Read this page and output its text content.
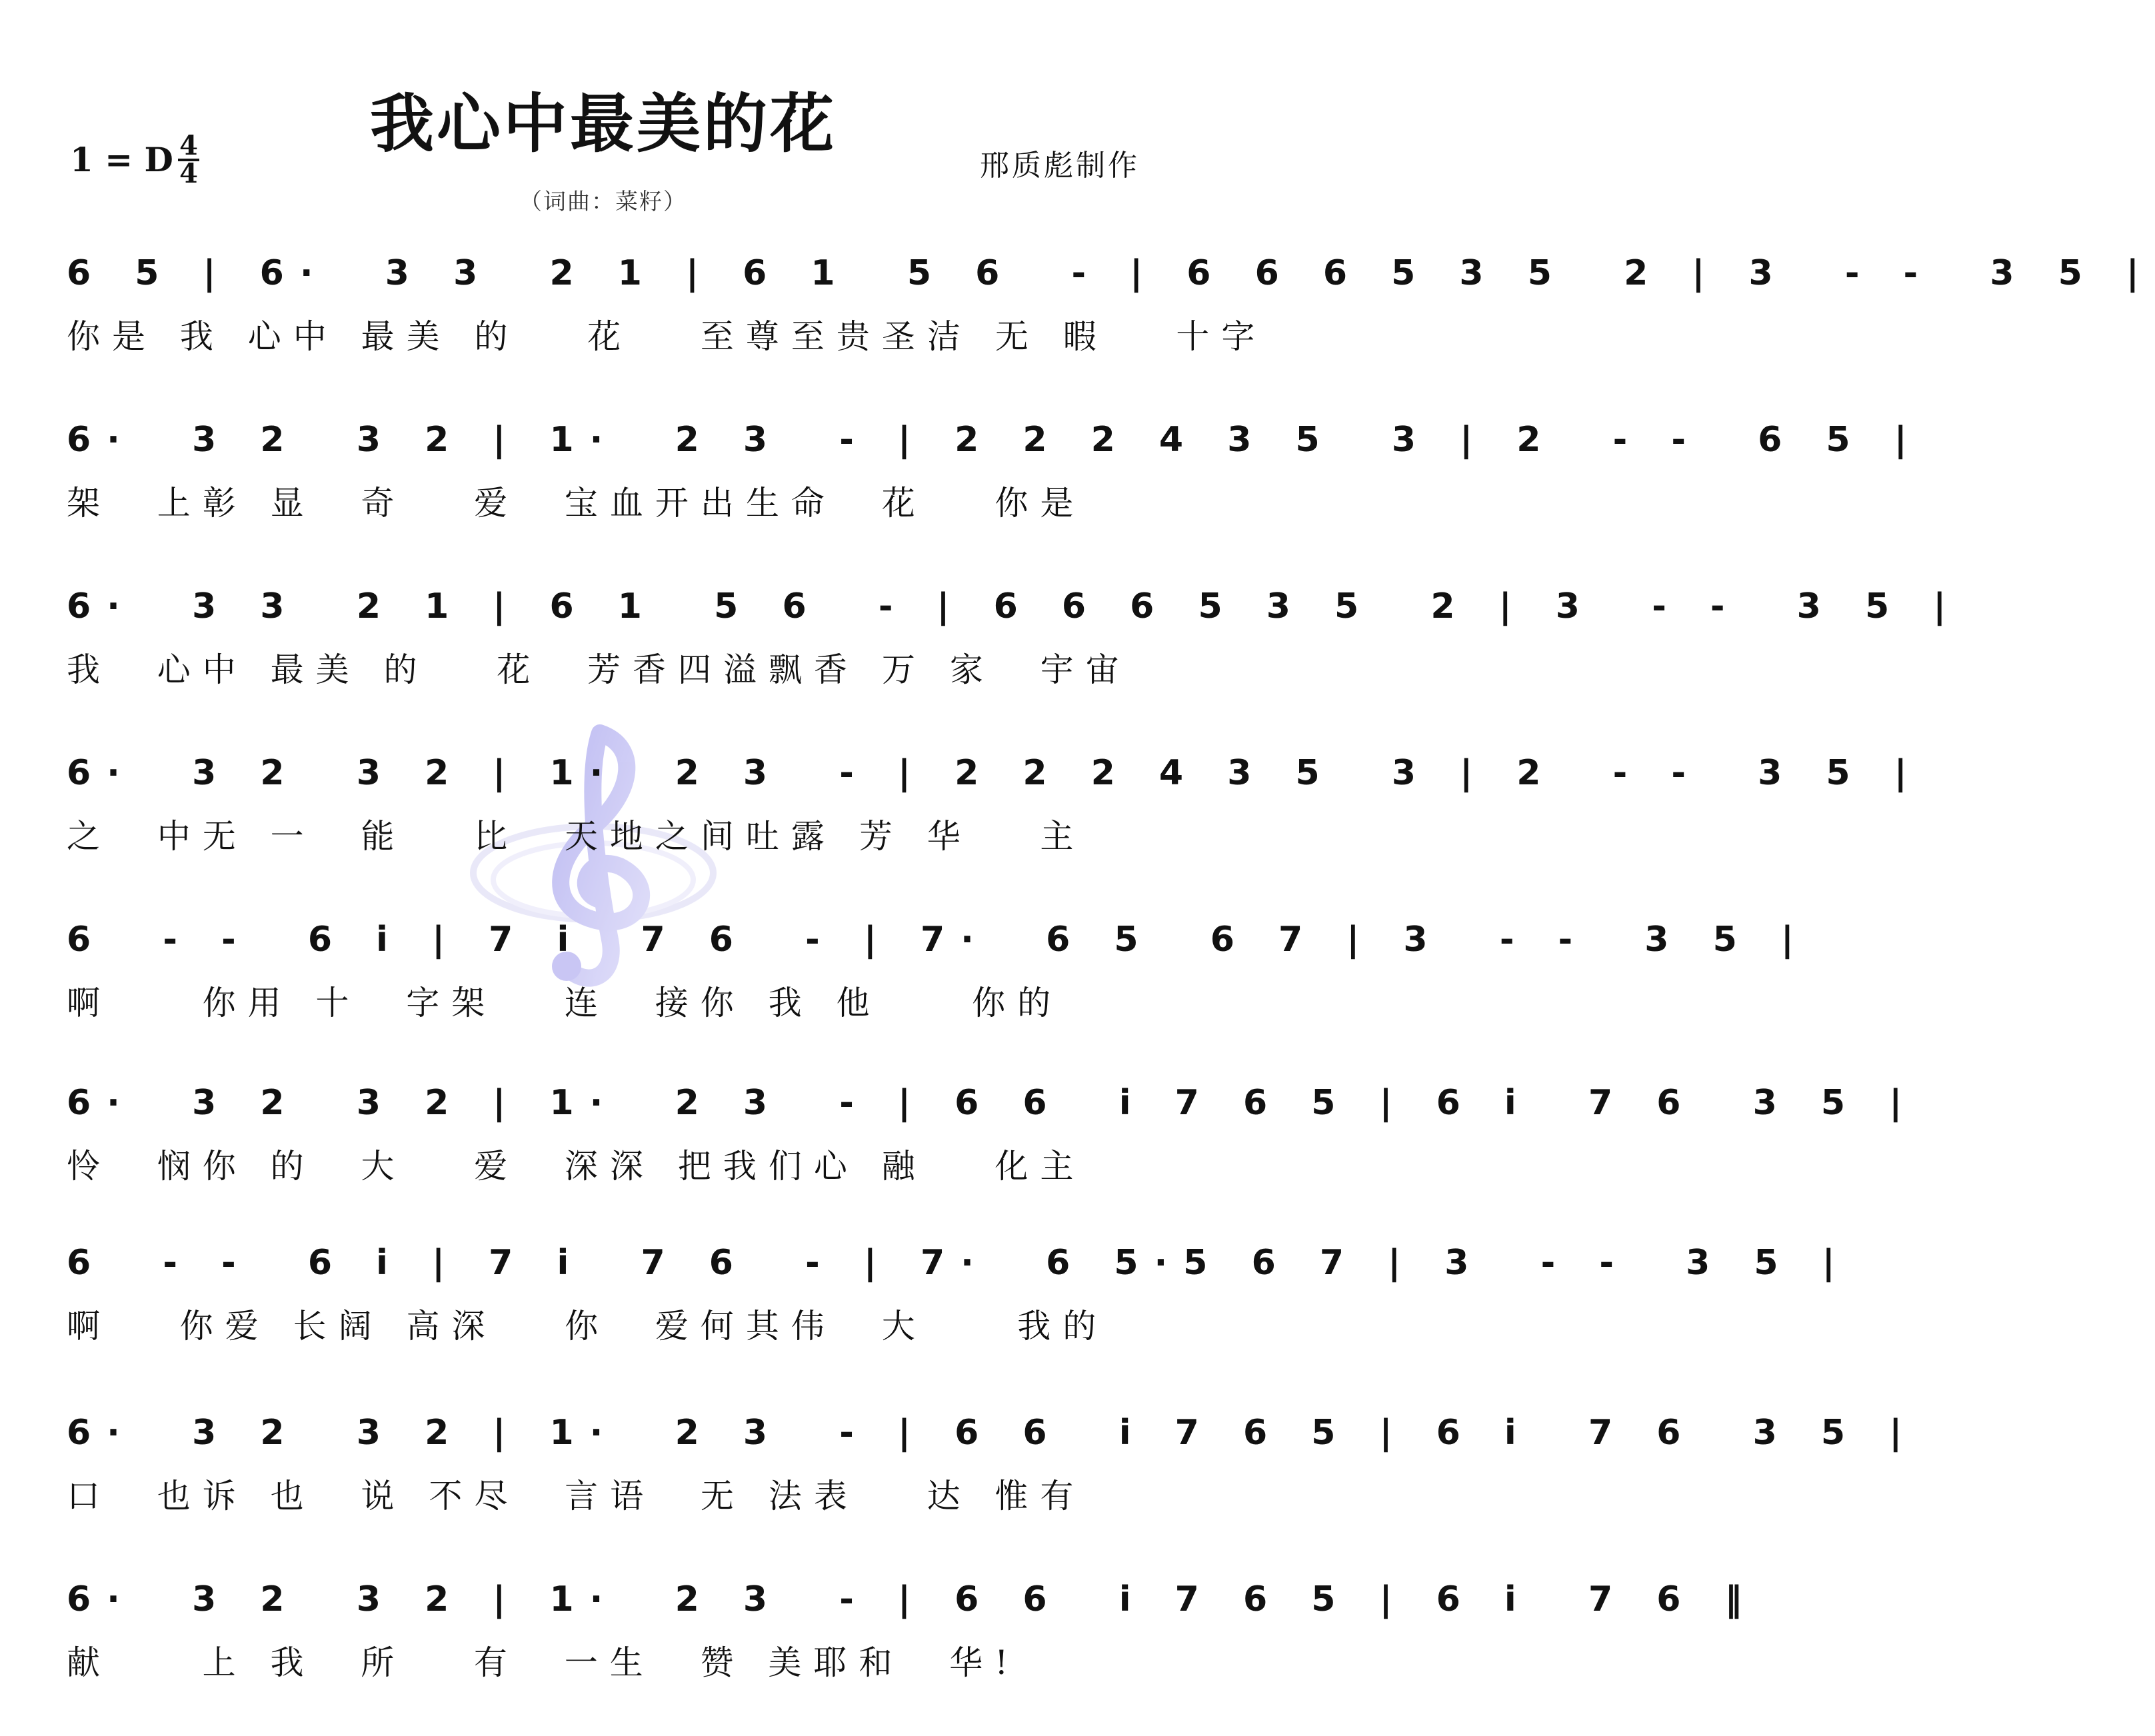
我心中最美的花
1 = D 4
4	邢质彪制作
（词曲：菜籽）
6 5 | 6·  3 3  2 1 | 6 1  5 6  - | 6 6 6 5 3 5  2 | 3  - -  3 5 |
你是 我 心中 最美 的   花   至尊至贵圣洁 无 暇   十字
6·  3 2  3 2 | 1·  2 3  - | 2 2 2 4 3 5  3 | 2  - -  6 5 |
架  上彰 显  奇   爱  宝血开出生命  花   你是
6·  3 3  2 1 | 6 1  5 6  - | 6 6 6 5 3 5  2 | 3  - -  3 5 |
我  心中 最美 的   花  芳香四溢飘香 万 家  宇宙
6·  3 2  3 2 | 1·  2 3  - | 2 2 2 4 3 5  3 | 2  - -  3 5 |
之  中无 一  能   比  天地之间吐露 芳 华   主
6  - -  6 i | 7 i  7 6  - | 7·  6 5  6 7 | 3  - -  3 5 |
啊    你用 十  字架   连  接你 我 他    你的
6·  3 2  3 2 | 1·  2 3  - | 6 6  i 7 6 5 | 6 i  7 6  3 5 |
怜  悯你 的  大   爱  深深 把我们心 融   化主
6  - -  6 i | 7 i  7 6  - | 7·  6 5·5 6 7 | 3  - -  3 5 |
啊   你爱 长阔 高深   你  爱何其伟  大    我的
6·  3 2  3 2 | 1·  2 3  - | 6 6  i 7 6 5 | 6 i  7 6  3 5 |
口  也诉 也  说 不尽  言语  无 法表   达 惟有
6·  3 2  3 2 | 1·  2 3  - | 6 6  i 7 6 5 | 6 i  7 6 ‖
献    上 我  所   有  一生  赞 美耶和  华!
